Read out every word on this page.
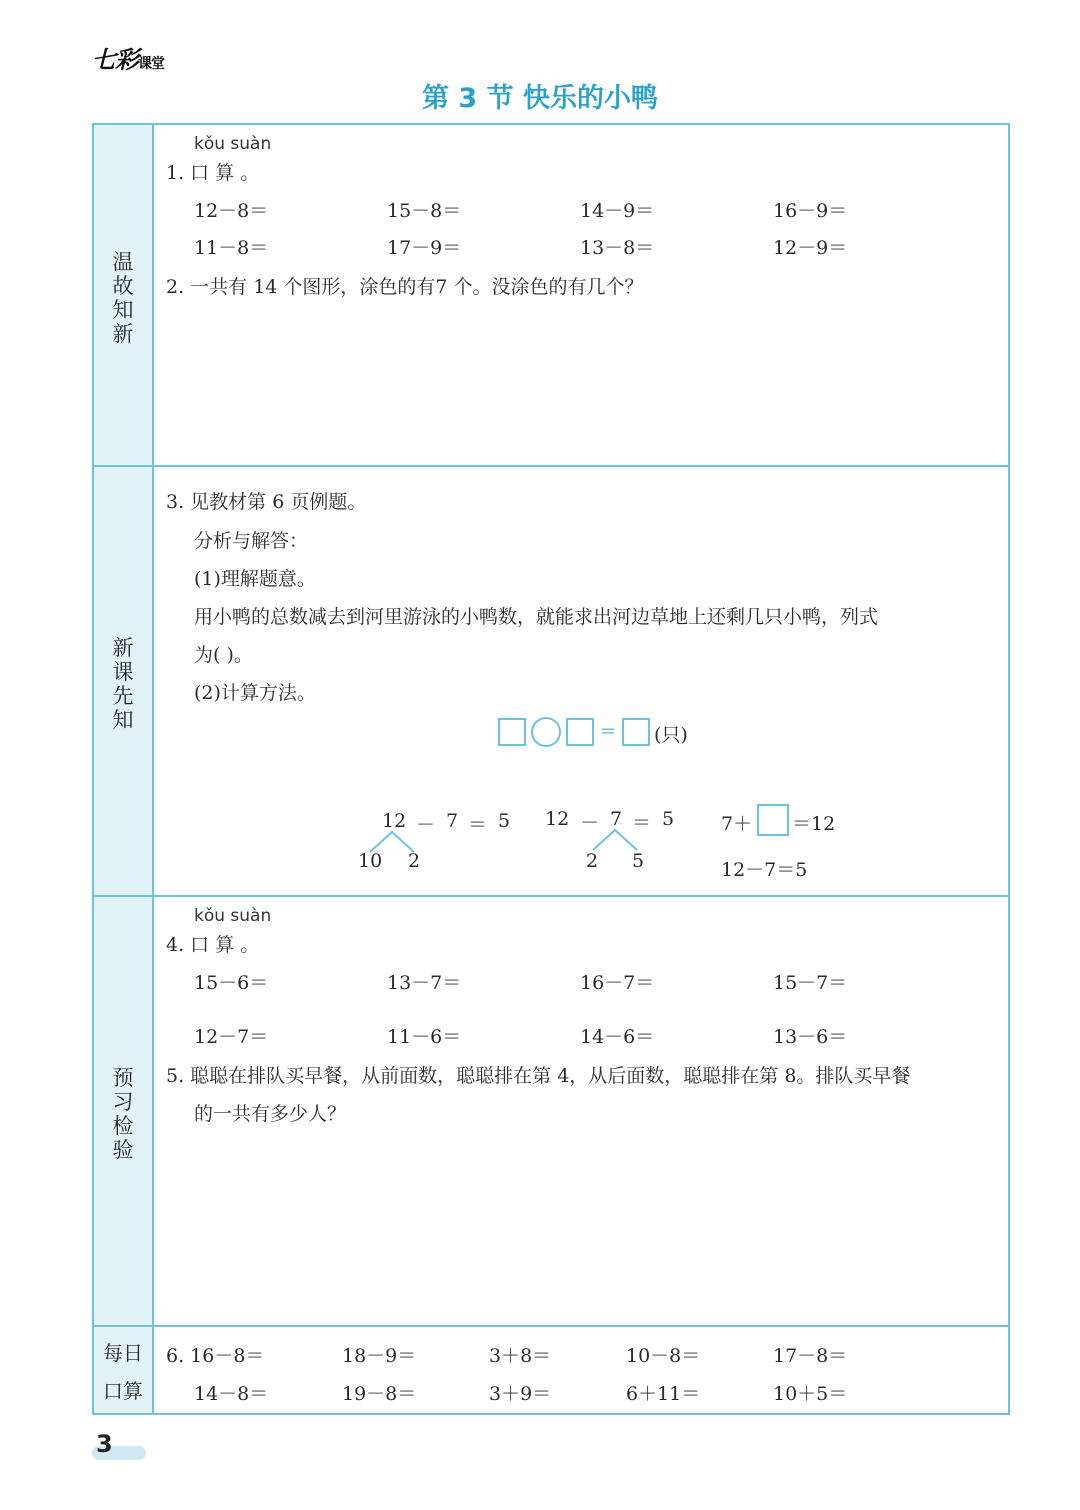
七彩课堂
第 3 节 快乐的小鸭
温故知新
新课先知
预习检验
每日
口算
kǒu suàn
1. 口 算 。
12－8＝	15－8＝	14－9＝	16－9＝
11－8＝	17－9＝	13－8＝	12－9＝
2. 一共有 14 个图形，涂色的有7 个。没涂色的有几个？
3. 见教材第 6 页例题。
分析与解答：
(1)理解题意。
用小鸭的总数减去到河里游泳的小鸭数，就能求出河边草地上还剩几只小鸭，列式
为( )。
(2)计算方法。
= (只)
12 － 7 ＝ 5
10 2
12 － 7 ＝ 5
2 5
7＋ ＝12
12－7＝5
kǒu suàn
4. 口 算 。
15－6＝	13－7＝	16－7＝	15－7＝
12－7＝	11－6＝	14－6＝	13－6＝
5. 聪聪在排队买早餐，从前面数，聪聪排在第 4，从后面数，聪聪排在第 8。排队买早餐
的一共有多少人？
6. 16－8＝	18－9＝	3＋8＝	10－8＝	17－8＝
14－8＝	19－8＝	3＋9＝	6＋11＝	10＋5＝
3
